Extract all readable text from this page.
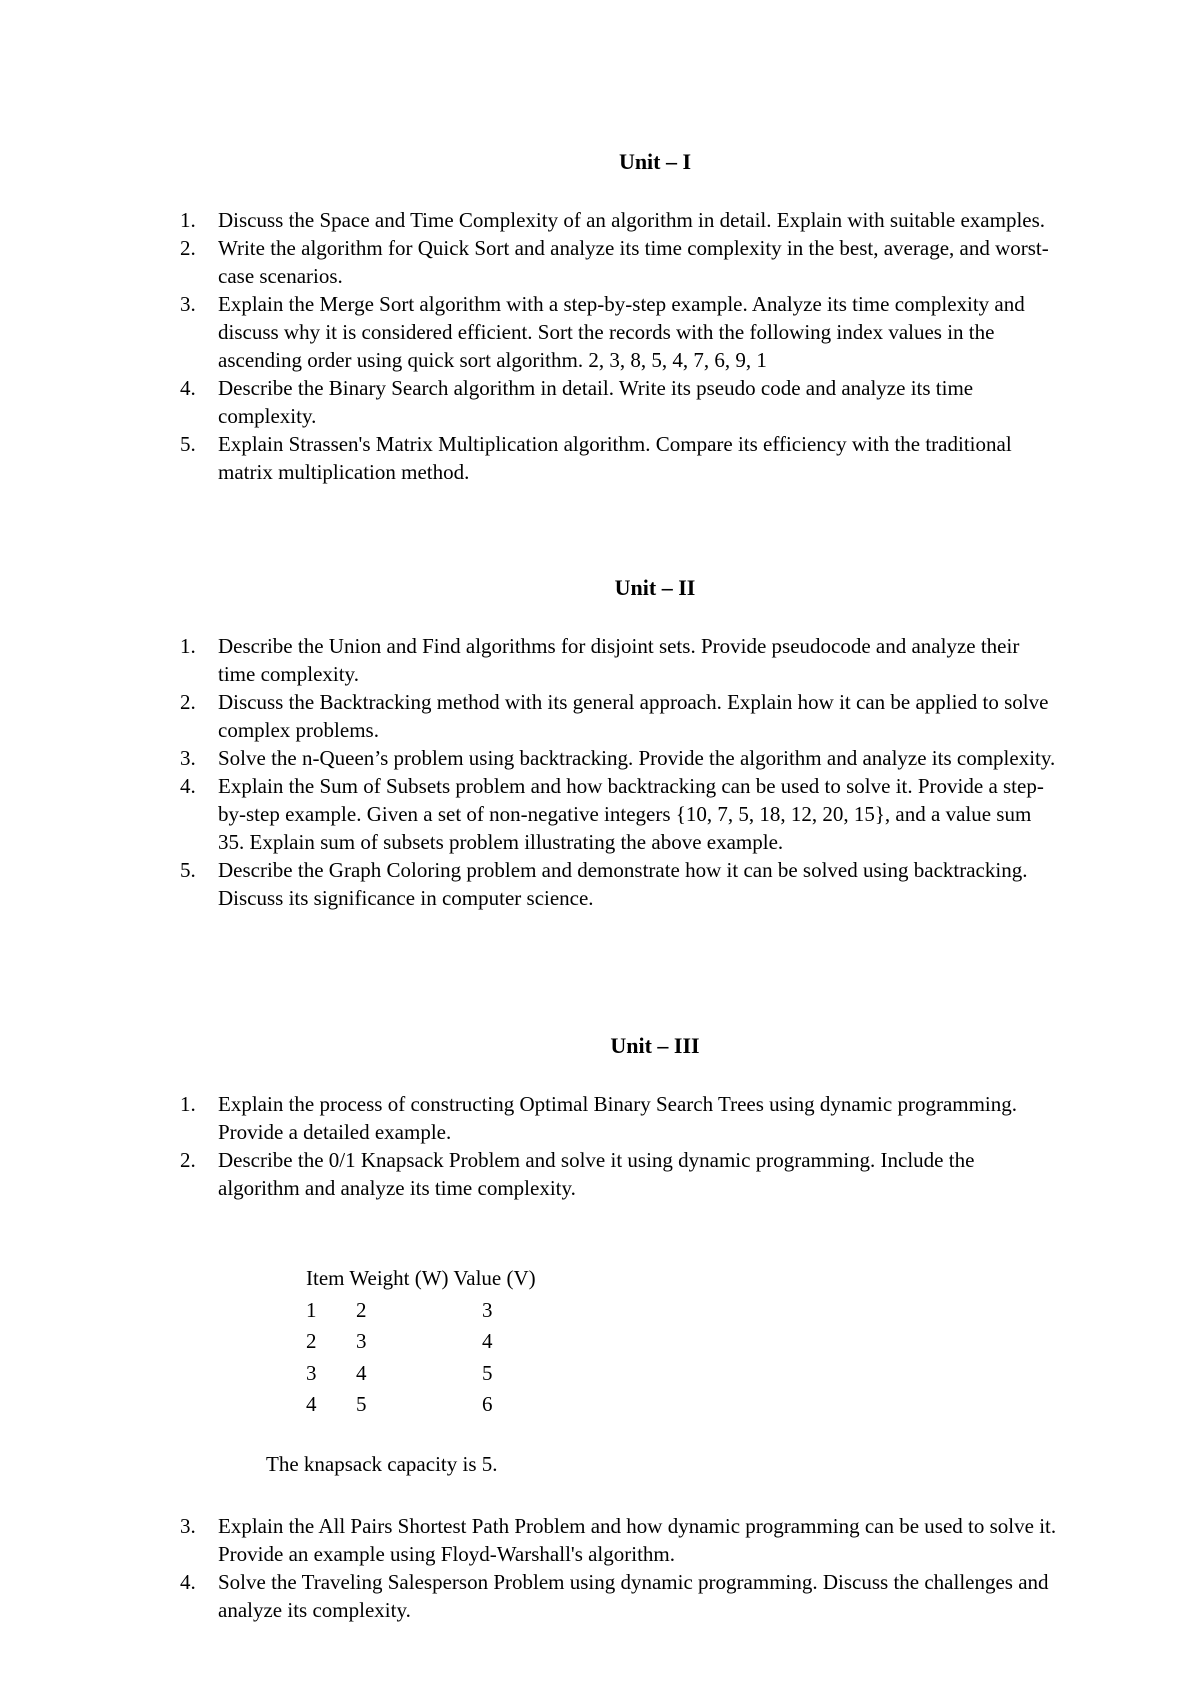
Unit – I
1.	Discuss the Space and Time Complexity of an algorithm in detail. Explain with suitable examples.
2.	Write the algorithm for Quick Sort and analyze its time complexity in the best, average, and worst-case scenarios.
3.	Explain the Merge Sort algorithm with a step-by-step example. Analyze its time complexity and discuss why it is considered efficient. Sort the records with the following index values in the ascending order using quick sort algorithm. 2, 3, 8, 5, 4, 7, 6, 9, 1
4.	Describe the Binary Search algorithm in detail. Write its pseudo code and analyze its time complexity.
5.	Explain Strassen's Matrix Multiplication algorithm. Compare its efficiency with the traditional matrix multiplication method.
Unit – II
1.	Describe the Union and Find algorithms for disjoint sets. Provide pseudocode and analyze their time complexity.
2.	Discuss the Backtracking method with its general approach. Explain how it can be applied to solve complex problems.
3.	Solve the n-Queen’s problem using backtracking. Provide the algorithm and analyze its complexity.
4.	Explain the Sum of Subsets problem and how backtracking can be used to solve it. Provide a step-by-step example. Given a set of non-negative integers {10, 7, 5, 18, 12, 20, 15}, and a value sum 35. Explain sum of subsets problem illustrating the above example.
5.	Describe the Graph Coloring problem and demonstrate how it can be solved using backtracking. Discuss its significance in computer science.
Unit – III
1.	Explain the process of constructing Optimal Binary Search Trees using dynamic programming. Provide a detailed example.
2.	Describe the 0/1 Knapsack Problem and solve it using dynamic programming. Include the algorithm and analyze its time complexity.
Item Weight (W) Value (V)		
1	2	3
2	3	4
3	4	5
4	5	6

The knapsack capacity is 5.

3.	Explain the All Pairs Shortest Path Problem and how dynamic programming can be used to solve it. Provide an example using Floyd-Warshall's algorithm.
4.	Solve the Traveling Salesperson Problem using dynamic programming. Discuss the challenges and analyze its complexity.
